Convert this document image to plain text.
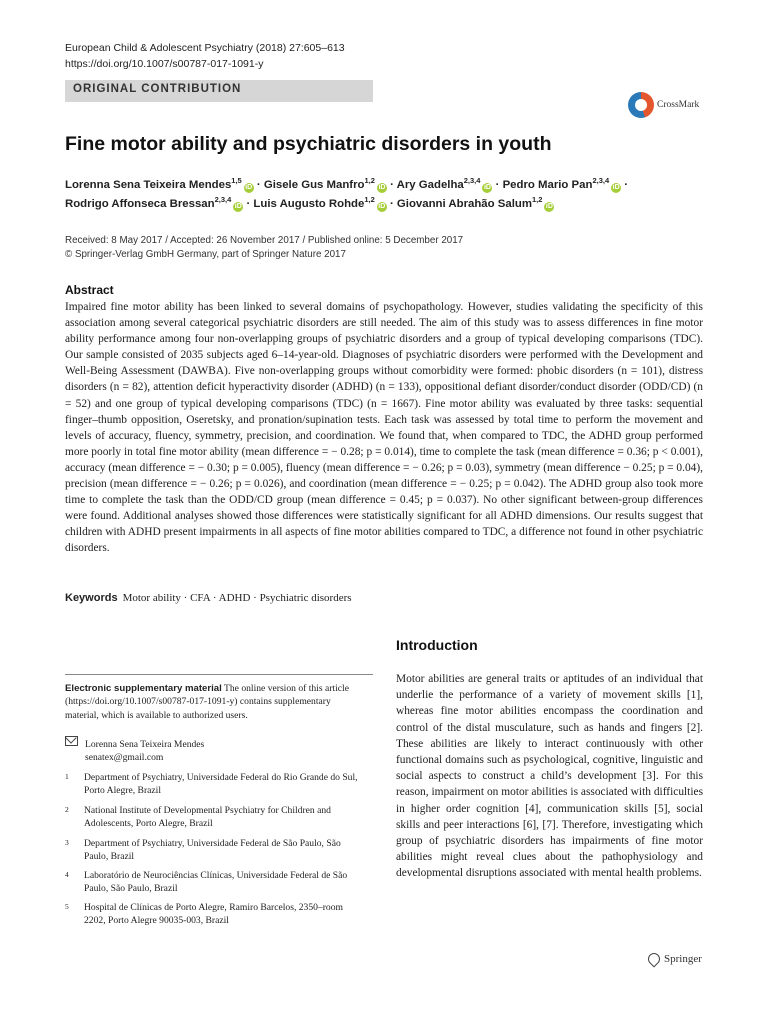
European Child & Adolescent Psychiatry (2018) 27:605–613
https://doi.org/10.1007/s00787-017-1091-y
ORIGINAL CONTRIBUTION
CrossMark
Fine motor ability and psychiatric disorders in youth
Lorenna Sena Teixeira Mendes$^{1,5}$iD · Gisele Gus Manfro$^{1,2}$iD · Ary Gadelha$^{2,3,4}$iD · Pedro Mario Pan$^{2,3,4}$iD ·
Rodrigo Affonseca Bressan$^{2,3,4}$iD · Luis Augusto Rohde$^{1,2}$iD · Giovanni Abrahão Salum$^{1,2}$iD
Received: 8 May 2017 / Accepted: 26 November 2017 / Published online: 5 December 2017
© Springer-Verlag GmbH Germany, part of Springer Nature 2017
Abstract
Impaired fine motor ability has been linked to several domains of psychopathology. However, studies validating the specificity of this association among several categorical psychiatric disorders are still needed. The aim of this study was to assess differences in fine motor ability performance among four non-overlapping groups of psychiatric disorders and a group of typical developing comparisons (TDC). Our sample consisted of 2035 subjects aged 6–14-year-old. Diagnoses of psychiatric disorders were performed with the Development and Well-Being Assessment (DAWBA). Five non-overlapping groups without comorbidity were formed: phobic disorders (n = 101), distress disorders (n = 82), attention deficit hyperactivity disorder (ADHD) (n = 133), oppositional defiant disorder/conduct disorder (ODD/CD) (n = 52) and one group of typical developing comparisons (TDC) (n = 1667). Fine motor ability was evaluated by three tasks: sequential finger–thumb opposition, Oseretsky, and pronation/supination tests. Each task was assessed by total time to perform the movement and levels of accuracy, fluency, symmetry, precision, and coordination. We found that, when compared to TDC, the ADHD group performed more poorly in total fine motor ability (mean difference = − 0.28; p = 0.014), time to complete the task (mean difference = 0.36; p < 0.001), accuracy (mean difference = − 0.30; p = 0.005), fluency (mean difference = − 0.26; p = 0.03), symmetry (mean difference − 0.25; p = 0.04), precision (mean difference = − 0.26; p = 0.026), and coordination (mean difference = − 0.25; p = 0.042). The ADHD group also took more time to complete the task than the ODD/CD group (mean difference = 0.45; p = 0.037). No other significant between-group differences were found. Additional analyses showed those differences were statistically significant for all ADHD dimensions. Our results suggest that children with ADHD present impairments in all aspects of fine motor abilities compared to TDC, a difference not found in other psychiatric disorders.
Keywords Motor ability · CFA · ADHD · Psychiatric disorders
Introduction
Motor abilities are general traits or aptitudes of an individual that underlie the performance of a variety of movement skills [1], whereas fine motor abilities encompass the coordination and control of the distal musculature, such as hands and fingers [2]. These abilities are likely to interact continuously with other functional domains such as psychological, cognitive, linguistic and social aspects to construct a child’s development [3]. For this reason, impairment on motor abilities is associated with difficulties in higher order cognition [4], communication skills [5], social skills and peer interactions [6], [7]. Therefore, investigating which group of psychiatric disorders has impairments of fine motor abilities might reveal clues about the pathophysiology and developmental disruptions associated with mental health problems.
Electronic supplementary material The online version of this article (https://doi.org/10.1007/s00787-017-1091-y) contains supplementary material, which is available to authorized users.
Lorenna Sena Teixeira Mendes
senatex@gmail.com
1	Department of Psychiatry, Universidade Federal do Rio Grande do Sul, Porto Alegre, Brazil
2	National Institute of Developmental Psychiatry for Children and Adolescents, Porto Alegre, Brazil
3	Department of Psychiatry, Universidade Federal de São Paulo, São Paulo, Brazil
4	Laboratório de Neurociências Clínicas, Universidade Federal de São Paulo, São Paulo, Brazil
5	Hospital de Clínicas de Porto Alegre, Ramiro Barcelos, 2350–room 2202, Porto Alegre 90035-003, Brazil
Springer
